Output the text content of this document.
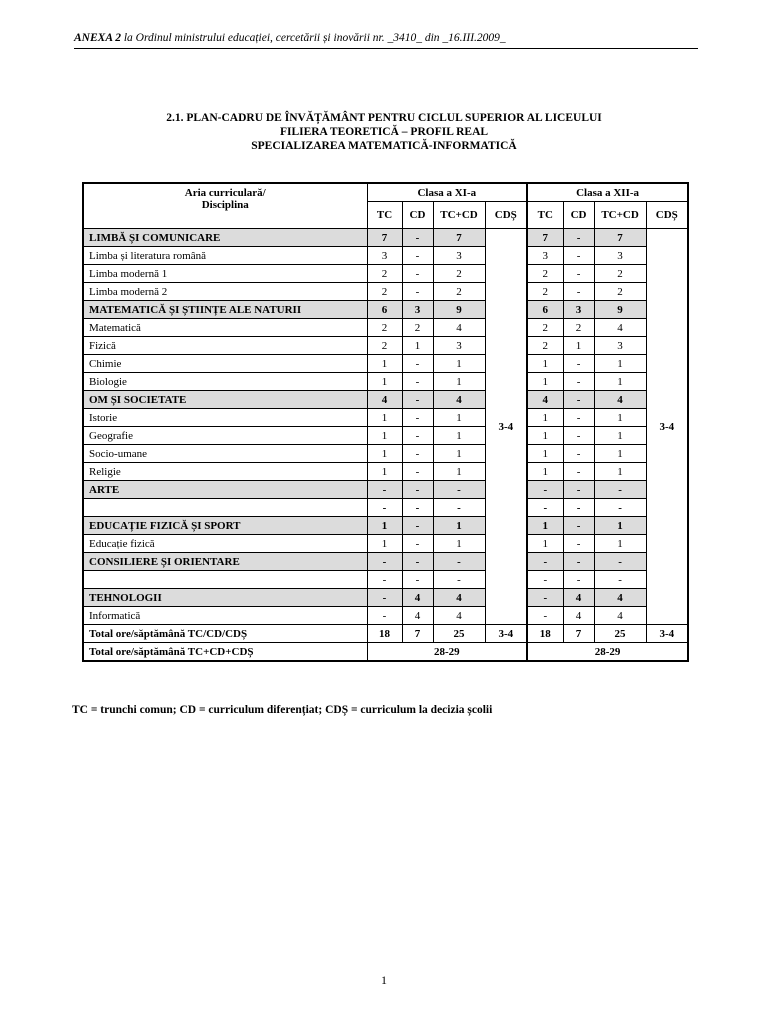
ANEXA 2 la Ordinul ministrului educației, cercetării și inovării nr. _3410_ din _16.III.2009_
2.1. PLAN-CADRU DE ÎNVĂȚĂMÂNT PENTRU CICLUL SUPERIOR AL LICEULUI
FILIERA TEORETICĂ – PROFIL REAL
SPECIALIZAREA MATEMATICĂ-INFORMATICĂ
Aria curriculară/
Disciplina	Clasa a XI-a				Clasa a XII-a			
	TC	CD	TC+CD	CDȘ	TC	CD	TC+CD	CDȘ
LIMBĂ ȘI COMUNICARE	7	-	7	3-4	7	-	7	3-4
Limba și literatura română	3	-	3		3	-	3	
Limba modernă 1	2	-	2		2	-	2	
Limba modernă 2	2	-	2		2	-	2	
MATEMATICĂ ȘI ȘTIINȚE ALE NATURII	6	3	9		6	3	9	
Matematică	2	2	4		2	2	4	
Fizică	2	1	3		2	1	3	
Chimie	1	-	1		1	-	1	
Biologie	1	-	1		1	-	1	
OM ȘI SOCIETATE	4	-	4		4	-	4	
Istorie	1	-	1		1	-	1	
Geografie	1	-	1		1	-	1	
Socio-umane	1	-	1		1	-	1	
Religie	1	-	1		1	-	1	
ARTE	-	-	-		-	-	-	
	-	-	-		-	-	-	
EDUCAȚIE FIZICĂ ȘI SPORT	1	-	1		1	-	1	
Educație fizică	1	-	1		1	-	1	
CONSILIERE ȘI ORIENTARE	-	-	-		-	-	-	
	-	-	-		-	-	-	
TEHNOLOGII	-	4	4		-	4	4	
Informatică	-	4	4		-	4	4	
Total ore/săptămână TC/CD/CDȘ	18	7	25	3-4	18	7	25	3-4
Total ore/săptămână TC+CD+CDȘ	28-29				28-29			
TC = trunchi comun; CD = curriculum diferențiat; CDȘ = curriculum la decizia școlii
1
